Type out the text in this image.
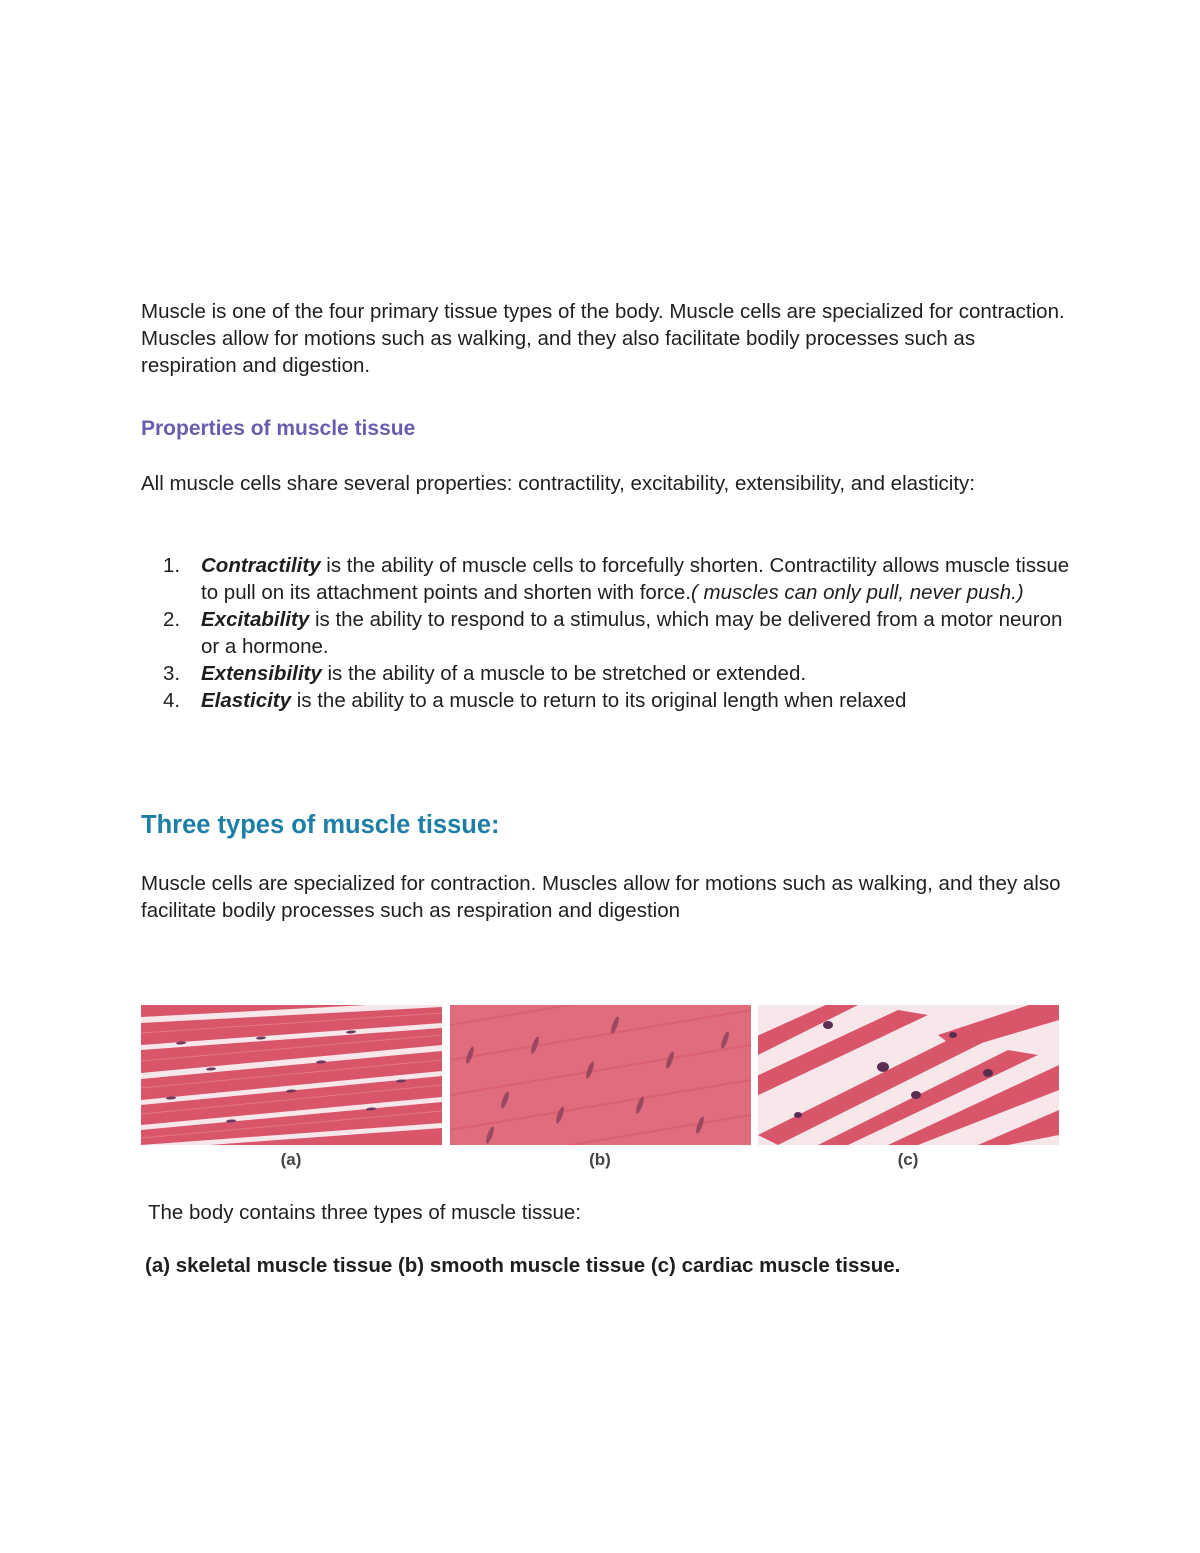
Muscle is one of the four primary tissue types of the body. Muscle cells are specialized for contraction. Muscles allow for motions such as walking, and they also facilitate bodily processes such as respiration and digestion.
Properties of muscle tissue
All muscle cells share several properties: contractility, excitability, extensibility, and elasticity:
1. Contractility is the ability of muscle cells to forcefully shorten. Contractility allows muscle tissue to pull on its attachment points and shorten with force.( muscles can only pull, never push.)
2. Excitability is the ability to respond to a stimulus, which may be delivered from a motor neuron or a hormone.
3. Extensibility is the ability of a muscle to be stretched or extended.
4. Elasticity is the ability to a muscle to return to its original length when relaxed
Three types of muscle tissue:
Muscle cells are specialized for contraction. Muscles allow for motions such as walking, and they also facilitate bodily processes such as respiration and digestion
(a)	(b)	(c)
The body contains three types of muscle tissue:
(a) skeletal muscle tissue (b) smooth muscle tissue (c) cardiac muscle tissue.
